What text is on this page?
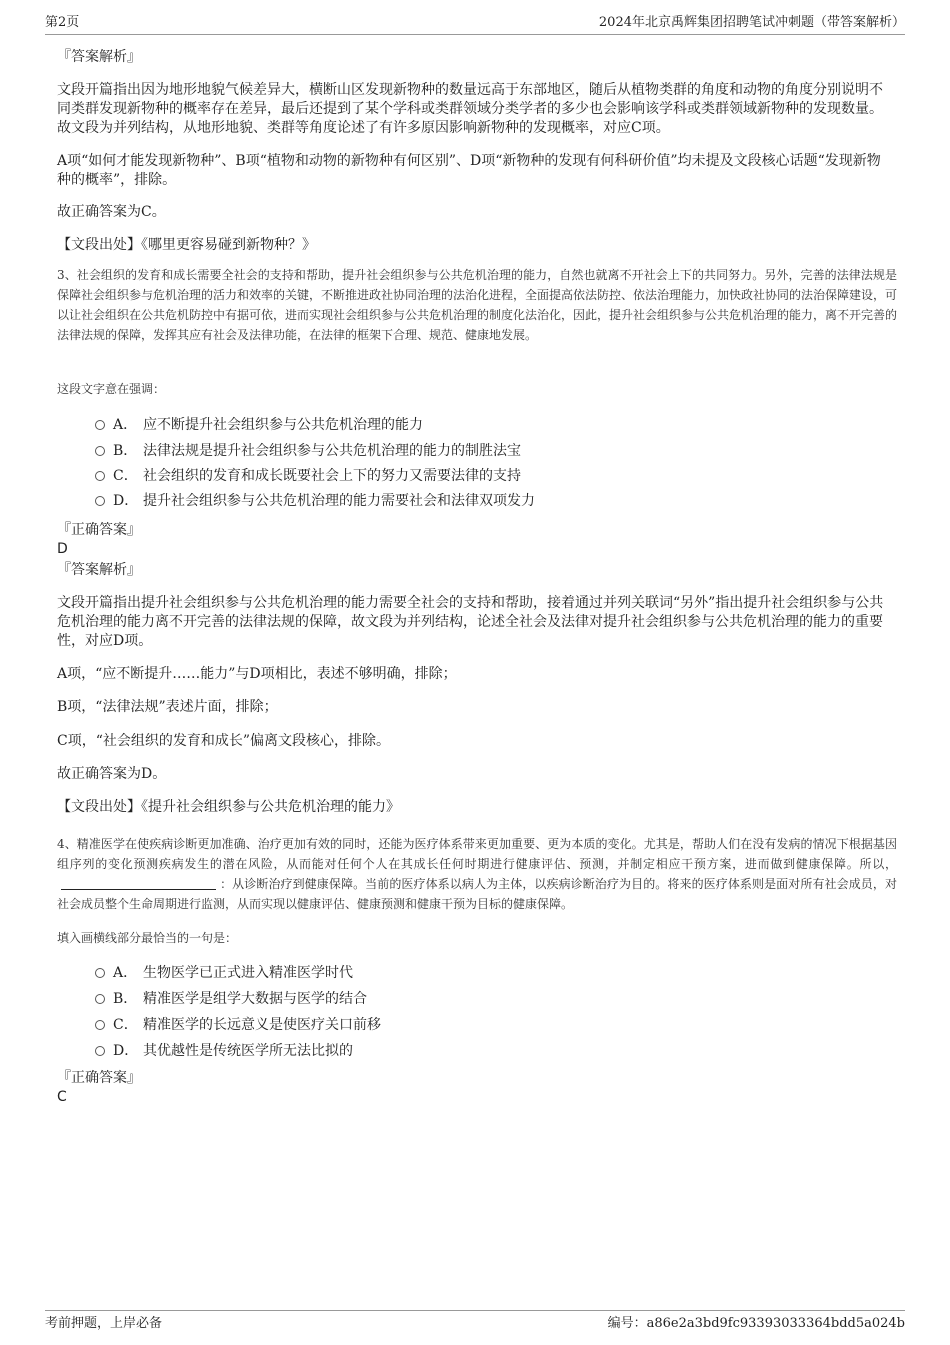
第2页	2024年北京禹辉集团招聘笔试冲刺题（带答案解析）
『答案解析』
文段开篇指出因为地形地貌气候差异大，横断山区发现新物种的数量远高于东部地区，随后从植物类群的角度和动物的角度分别说明不同类群发现新物种的概率存在差异，最后还提到了某个学科或类群领域分类学者的多少也会影响该学科或类群领域新物种的发现数量。故文段为并列结构，从地形地貌、类群等角度论述了有许多原因影响新物种的发现概率，对应C项。
A项“如何才能发现新物种”、B项“植物和动物的新物种有何区别”、D项“新物种的发现有何科研价值”均未提及文段核心话题“发现新物种的概率”，排除。
故正确答案为C。
【文段出处】《哪里更容易碰到新物种？》
3、社会组织的发育和成长需要全社会的支持和帮助，提升社会组织参与公共危机治理的能力，自然也就离不开社会上下的共同努力。另外，完善的法律法规是保障社会组织参与危机治理的活力和效率的关键，不断推进政社协同治理的法治化进程，全面提高依法防控、依法治理能力，加快政社协同的法治保障建设，可以让社会组织在公共危机防控中有据可依，进而实现社会组织参与公共危机治理的制度化法治化，因此，提升社会组织参与公共危机治理的能力，离不开完善的法律法规的保障，发挥其应有社会及法律功能，在法律的框架下合理、规范、健康地发展。
这段文字意在强调：
A． 应不断提升社会组织参与公共危机治理的能力
B． 法律法规是提升社会组织参与公共危机治理的能力的制胜法宝
C． 社会组织的发育和成长既要社会上下的努力又需要法律的支持
D． 提升社会组织参与公共危机治理的能力需要社会和法律双项发力
『正确答案』
D
『答案解析』
文段开篇指出提升社会组织参与公共危机治理的能力需要全社会的支持和帮助，接着通过并列关联词“另外”指出提升社会组织参与公共危机治理的能力离不开完善的法律法规的保障，故文段为并列结构，论述全社会及法律对提升社会组织参与公共危机治理的能力的重要性，对应D项。
A项，“应不断提升……能力”与D项相比，表述不够明确，排除；
B项，“法律法规”表述片面，排除；
C项，“社会组织的发育和成长”偏离文段核心，排除。
故正确答案为D。
【文段出处】《提升社会组织参与公共危机治理的能力》
4、精准医学在使疾病诊断更加准确、治疗更加有效的同时，还能为医疗体系带来更加重要、更为本质的变化。尤其是，帮助人们在没有发病的情况下根据基因组序列的变化预测疾病发生的潜在风险，从而能对任何个人在其成长任何时期进行健康评估、预测，并制定相应干预方案，进而做到健康保障。所以，：从诊断治疗到健康保障。当前的医疗体系以病人为主体，以疾病诊断治疗为目的。将来的医疗体系则是面对所有社会成员，对社会成员整个生命周期进行监测，从而实现以健康评估、健康预测和健康干预为目标的健康保障。
填入画横线部分最恰当的一句是：
A． 生物医学已正式进入精准医学时代
B． 精准医学是组学大数据与医学的结合
C． 精准医学的长远意义是使医疗关口前移
D． 其优越性是传统医学所无法比拟的
『正确答案』
C
考前押题，上岸必备	编号：a86e2a3bd9fc93393033364bdd5a024b
